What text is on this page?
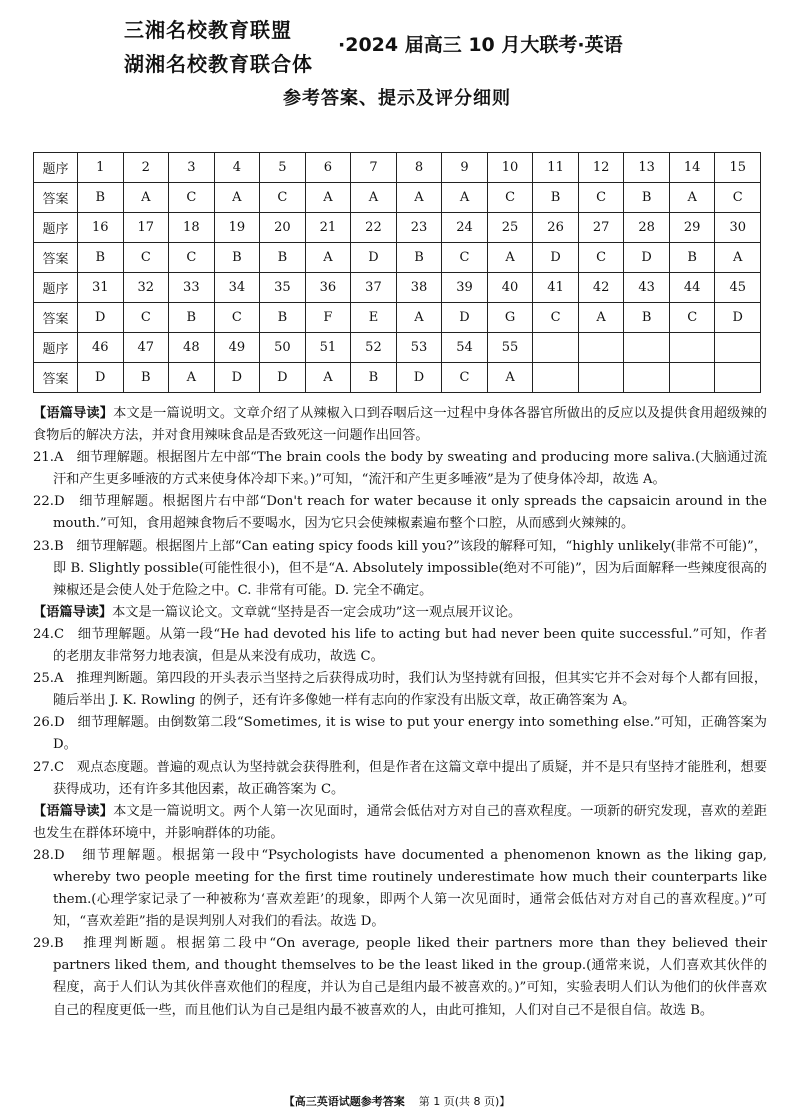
三湘名校教育联盟
湖湘名校教育联合体
·2024 届高三 10 月大联考·英语
参考答案、提示及评分细则
题序	1	2	3	4	5	6	7	8	9	10	11	12	13	14	15
答案	B	A	C	A	C	A	A	A	A	C	B	C	B	A	C
题序	16	17	18	19	20	21	22	23	24	25	26	27	28	29	30
答案	B	C	C	B	B	A	D	B	C	A	D	C	D	B	A
题序	31	32	33	34	35	36	37	38	39	40	41	42	43	44	45
答案	D	C	B	C	B	F	E	A	D	G	C	A	B	C	D
题序	46	47	48	49	50	51	52	53	54	55					
答案	D	B	A	D	D	A	B	D	C	A					

【语篇导读】本文是一篇说明文。文章介绍了从辣椒入口到吞咽后这一过程中身体各器官所做出的反应以及提供食用超级辣的食物后的解决方法，并对食用辣味食品是否致死这一问题作出回答。

21.A 细节理解题。根据图片左中部“The brain cools the body by sweating and producing more saliva.(大脑通过流汗和产生更多唾液的方式来使身体冷却下来。)”可知，“流汗和产生更多唾液”是为了使身体冷却，故选 A。

22.D 细节理解题。根据图片右中部“Don't reach for water because it only spreads the capsaicin around in the mouth.”可知，食用超辣食物后不要喝水，因为它只会使辣椒素遍布整个口腔，从而感到火辣辣的。

23.B 细节理解题。根据图片上部“Can eating spicy foods kill you?”该段的解释可知，“highly unlikely(非常不可能)”，即 B. Slightly possible(可能性很小)，但不是“A. Absolutely impossible(绝对不可能)”，因为后面解释一些辣度很高的辣椒还是会使人处于危险之中。C. 非常有可能。D. 完全不确定。

【语篇导读】本文是一篇议论文。文章就“坚持是否一定会成功”这一观点展开议论。

24.C 细节理解题。从第一段“He had devoted his life to acting but had never been quite successful.”可知，作者的老朋友非常努力地表演，但是从来没有成功，故选 C。

25.A 推理判断题。第四段的开头表示当坚持之后获得成功时，我们认为坚持就有回报，但其实它并不会对每个人都有回报，随后举出 J. K. Rowling 的例子，还有许多像她一样有志向的作家没有出版文章，故正确答案为 A。

26.D 细节理解题。由倒数第二段“Sometimes, it is wise to put your energy into something else.”可知，正确答案为 D。

27.C 观点态度题。普遍的观点认为坚持就会获得胜利，但是作者在这篇文章中提出了质疑，并不是只有坚持才能胜利，想要获得成功，还有许多其他因素，故正确答案为 C。

【语篇导读】本文是一篇说明文。两个人第一次见面时，通常会低估对方对自己的喜欢程度。一项新的研究发现，喜欢的差距也发生在群体环境中，并影响群体的功能。

28.D 细节理解题。根据第一段中“Psychologists have documented a phenomenon known as the liking gap, whereby two people meeting for the first time routinely underestimate how much their counterparts like them.(心理学家记录了一种被称为‘喜欢差距’的现象，即两个人第一次见面时，通常会低估对方对自己的喜欢程度。)”可知，“喜欢差距”指的是误判别人对我们的看法。故选 D。

29.B 推理判断题。根据第二段中“On average, people liked their partners more than they believed their partners liked them, and thought themselves to be the least liked in the group.(通常来说，人们喜欢其伙伴的程度，高于人们认为其伙伴喜欢他们的程度，并认为自己是组内最不被喜欢的。)”可知，实验表明人们认为他们的伙伴喜欢自己的程度更低一些，而且他们认为自己是组内最不被喜欢的人，由此可推知，人们对自己不是很自信。故选 B。

【高三英语试题参考答案 第 1 页(共 8 页)】
